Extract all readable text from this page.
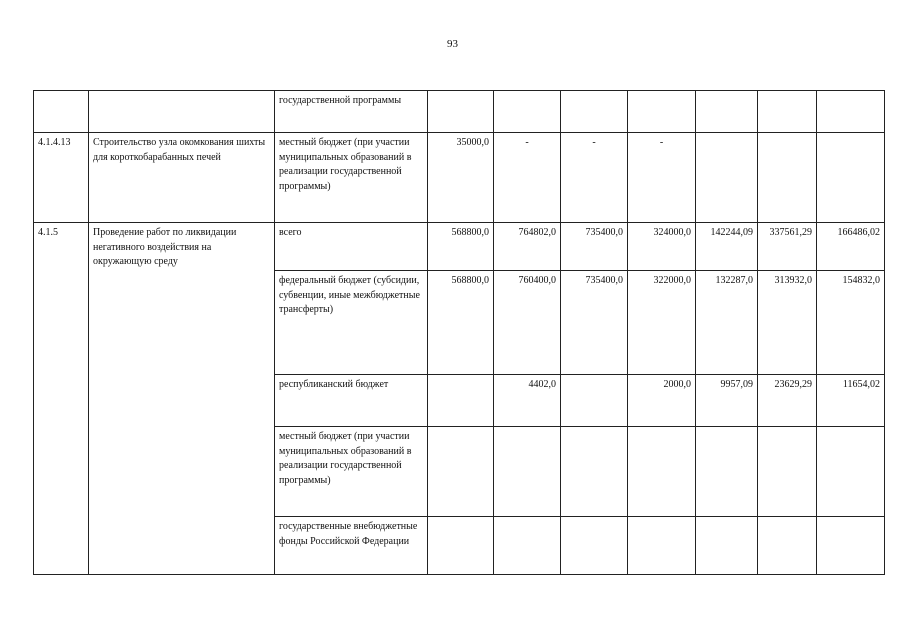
93
		государственной программы							
4.1.4.13	Строительство узла окомкования шихты для короткобарабанных печей	местный бюджет (при участии муниципальных образований в реализации государственной программы)	35000,0	-	-	-			
4.1.5	Проведение работ по ликвидации негативного воздействия на окружающую среду	всего	568800,0	764802,0	735400,0	324000,0	142244,09	337561,29	166486,02
		федеральный бюджет (субсидии, субвенции, иные межбюджетные трансферты)	568800,0	760400,0	735400,0	322000,0	132287,0	313932,0	154832,0
		республиканский бюджет		4402,0		2000,0	9957,09	23629,29	11654,02
		местный бюджет (при участии муниципальных образований в реализации государственной программы)							
		государственные внебюджетные фонды Российской Федерации							
